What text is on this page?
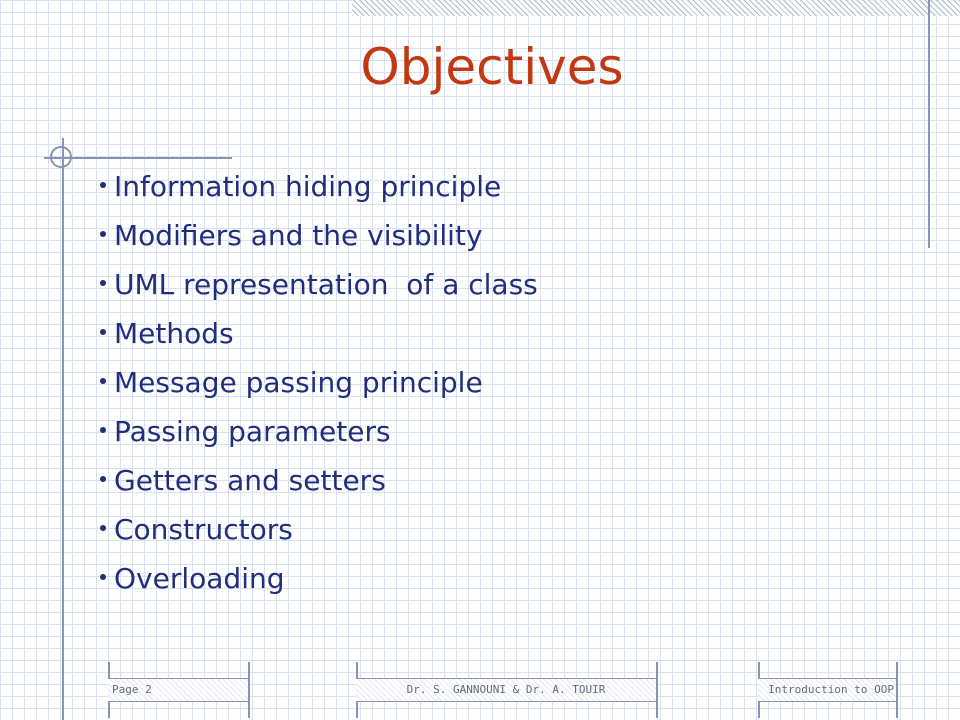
Objectives
Information hiding principle
Modifiers and the visibility
UML representation  of a class
Methods
Message passing principle
Passing parameters
Getters and setters
Constructors
Overloading
Page 2	Dr. S. GANNOUNI & Dr. A. TOUIR	Introduction to OOP
